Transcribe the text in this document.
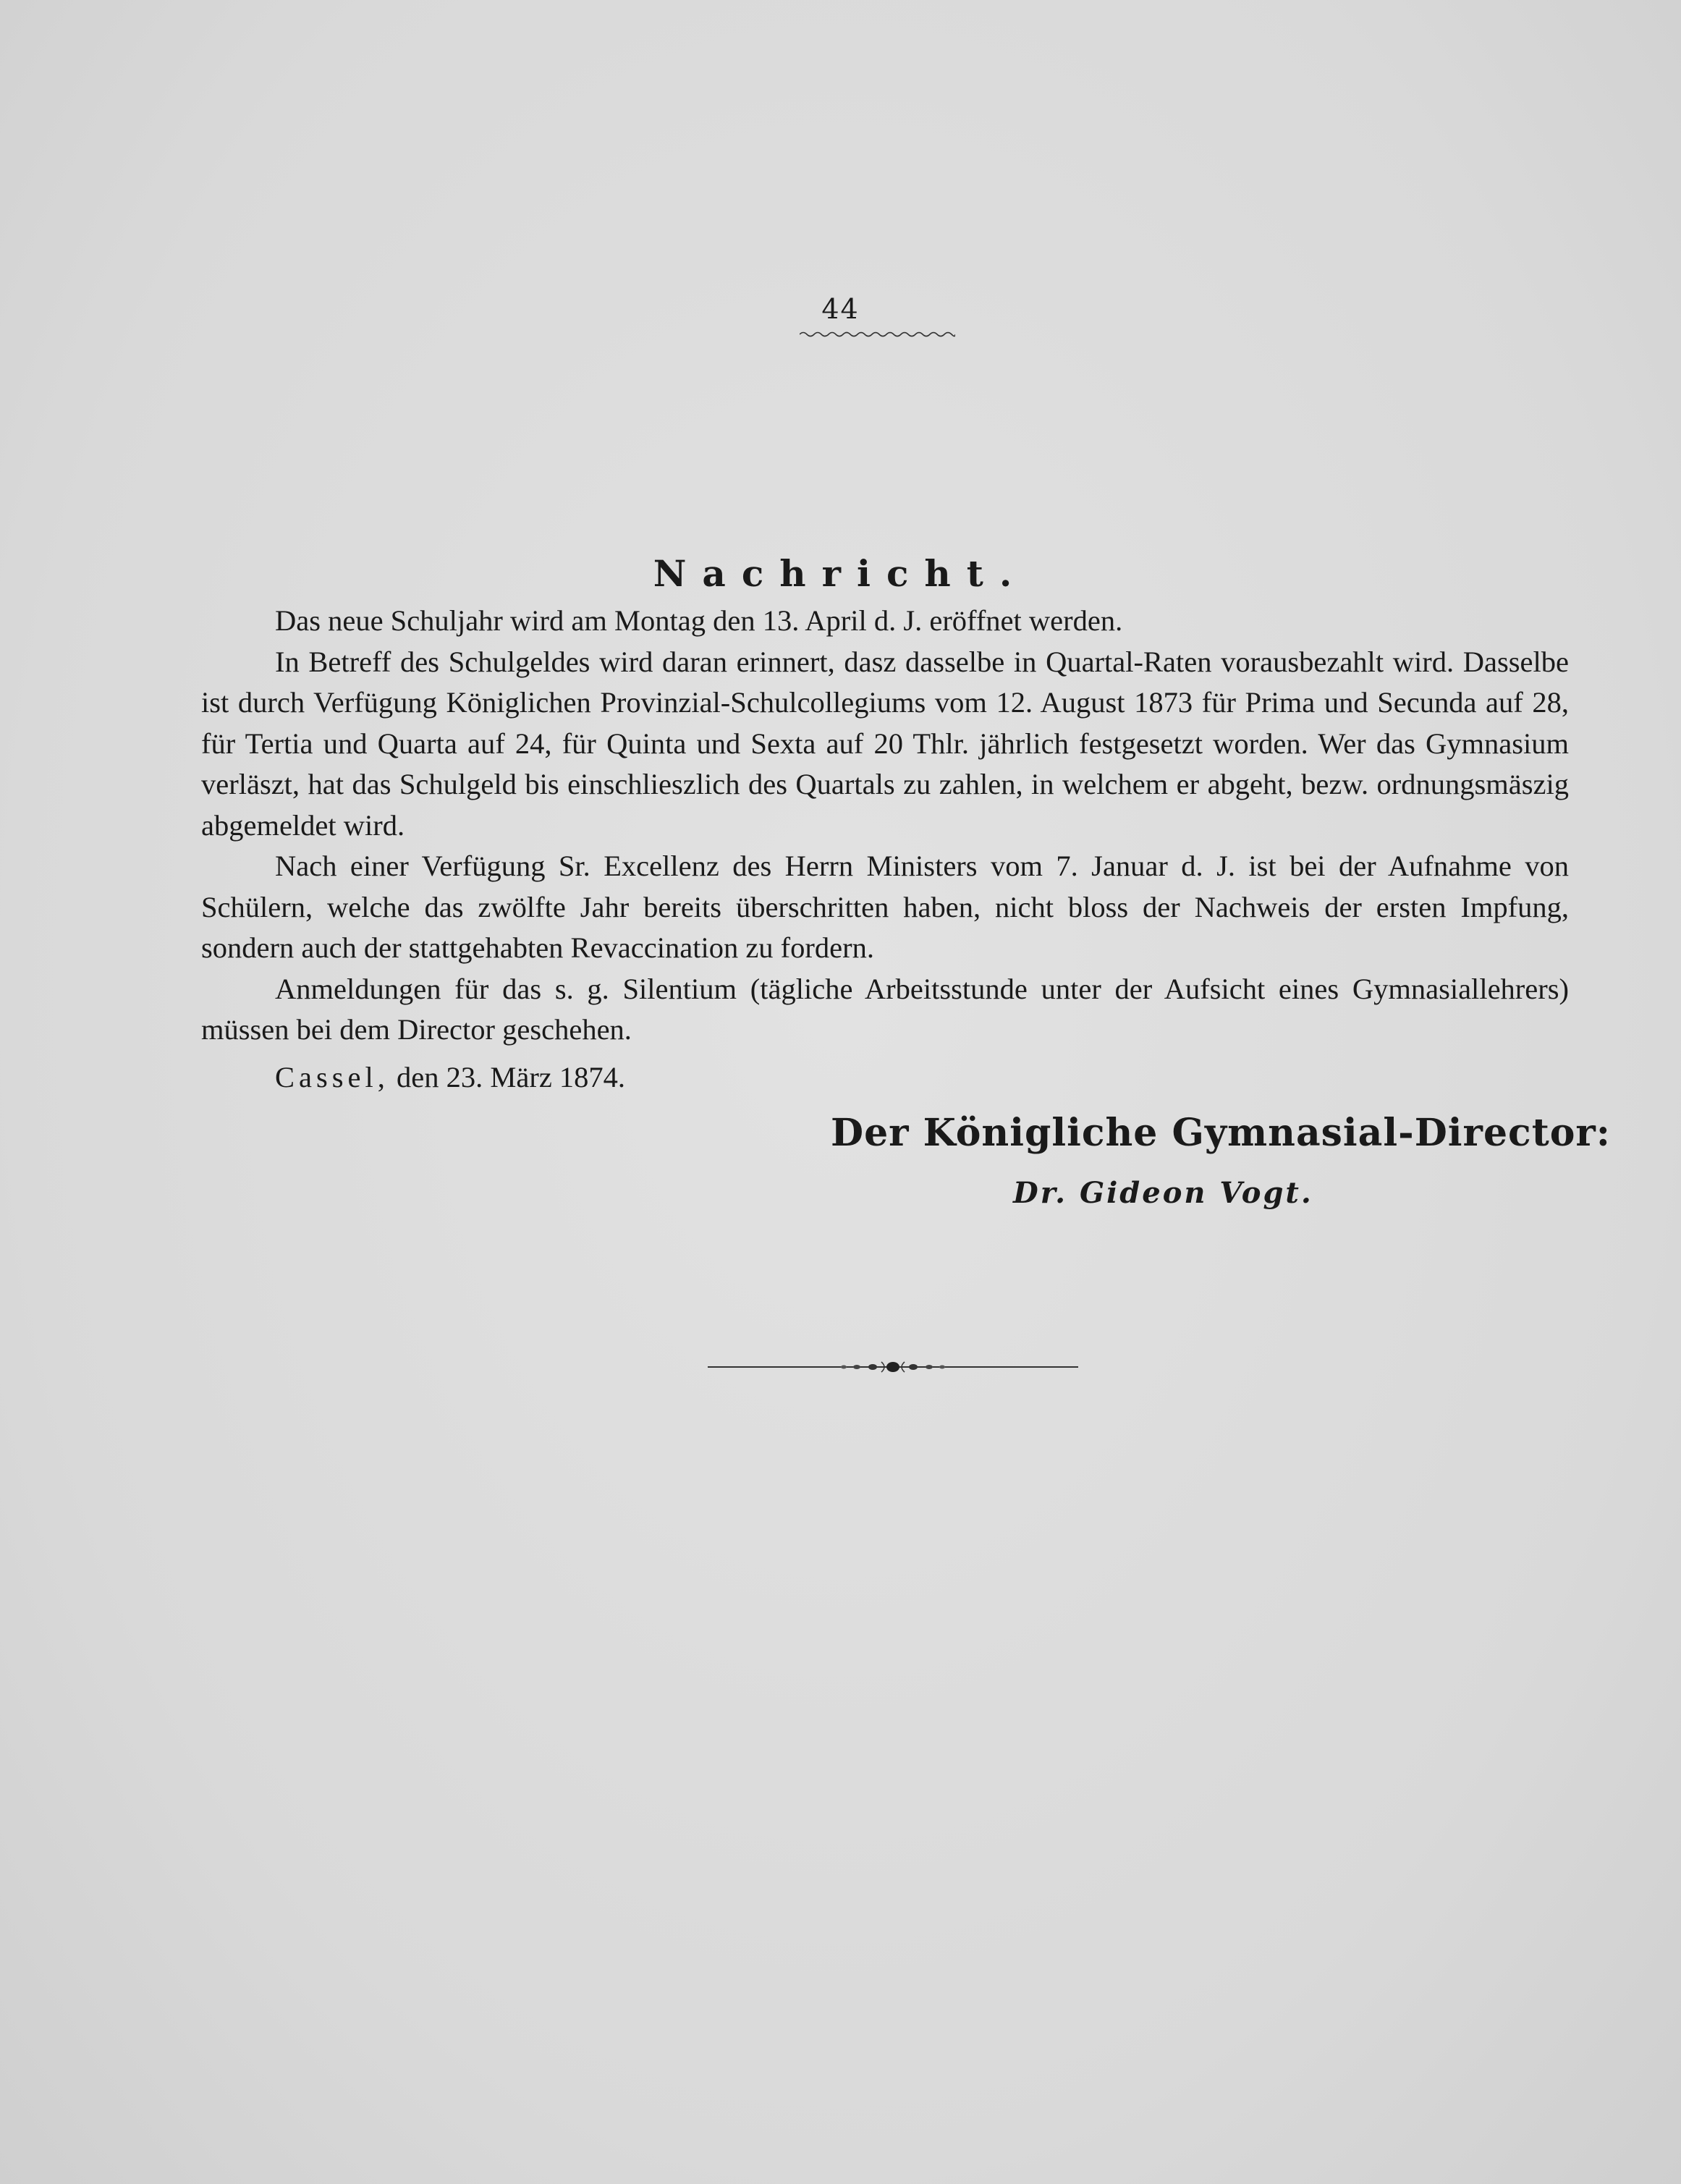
44
Nachricht.

Das neue Schuljahr wird am Montag den 13. April d. J. eröffnet werden.

In Betreff des Schulgeldes wird daran erinnert, dasz dasselbe in Quartal-Raten vorausbezahlt wird. Dasselbe ist durch Verfügung Königlichen Provinzial-Schulcollegiums vom 12. August 1873 für Prima und Secunda auf 28, für Tertia und Quarta auf 24, für Quinta und Sexta auf 20 Thlr. jährlich festgesetzt worden. Wer das Gymnasium verläszt, hat das Schulgeld bis einschlieszlich des Quartals zu zahlen, in welchem er abgeht, bezw. ordnungsmäszig abgemeldet wird.

Nach einer Verfügung Sr. Excellenz des Herrn Ministers vom 7. Januar d. J. ist bei der Aufnahme von Schülern, welche das zwölfte Jahr bereits überschritten haben, nicht bloss der Nachweis der ersten Impfung, sondern auch der stattgehabten Revaccination zu fordern.

Anmeldungen für das s. g. Silentium (tägliche Arbeitsstunde unter der Aufsicht eines Gymnasiallehrers) müssen bei dem Director geschehen.

Cassel, den 23. März 1874.
Der Königliche Gymnasial-Director:
Dr. Gideon Vogt.
